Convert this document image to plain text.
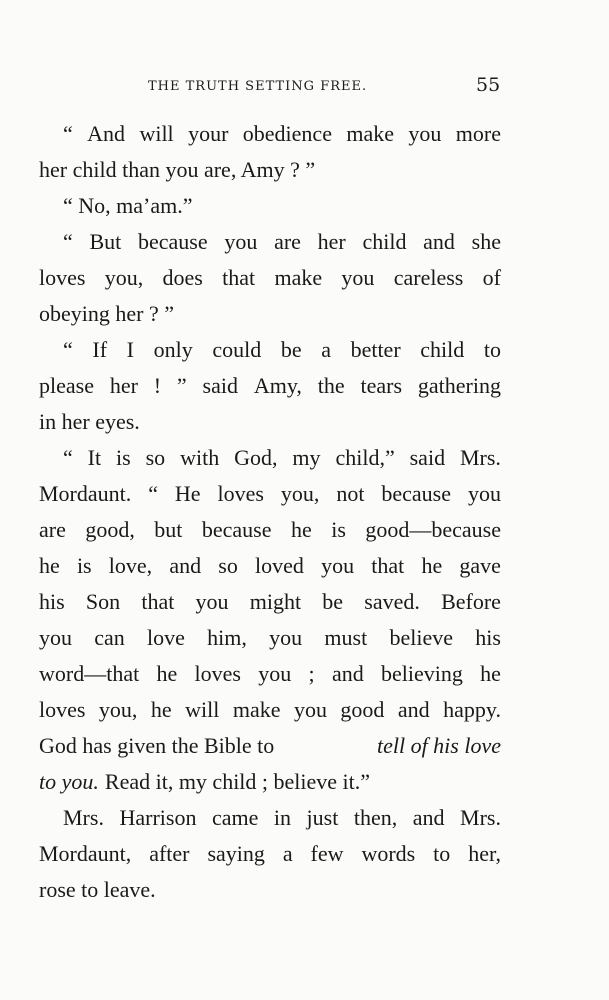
THE TRUTH SETTING FREE.	55
“ And will your obedience make you more
her child than you are, Amy ? ”
“ No, ma’am.”
“ But because you are her child and she
loves you, does that make you careless of
obeying her ? ”
“ If I only could be a better child to
please her ! ” said Amy, the tears gathering
in her eyes.
“ It is so with God, my child,” said Mrs.
Mordaunt. “ He loves you, not because you
are good, but because he is good—because
he is love, and so loved you that he gave
his Son that you might be saved. Before
you can love him, you must believe his
word—that he loves you ; and believing he
loves you, he will make you good and happy.
God has given the Bible to	tell of his love
to you. Read it, my child ; believe it.”
Mrs. Harrison came in just then, and Mrs.
Mordaunt, after saying a few words to her,
rose to leave.
